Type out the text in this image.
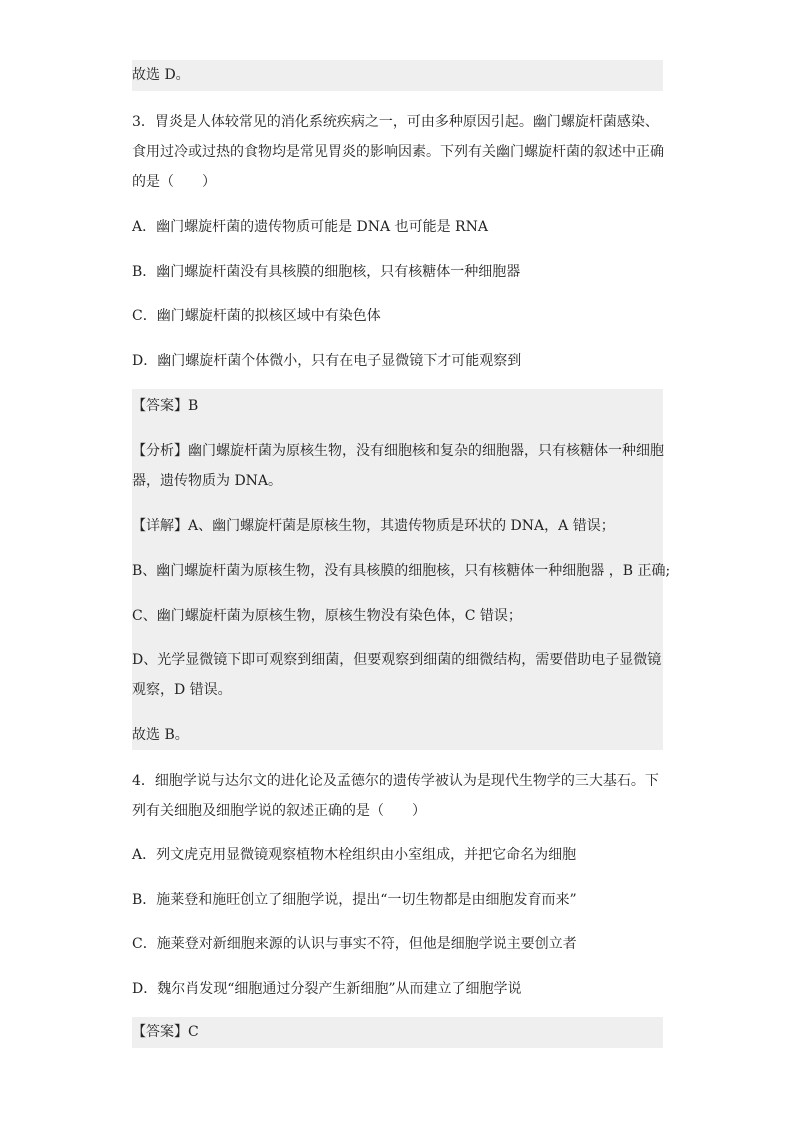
故选 D。
3．胃炎是人体较常见的消化系统疾病之一，可由多种原因引起。幽门螺旋杆菌感染、
食用过冷或过热的食物均是常见胃炎的影响因素。下列有关幽门螺旋杆菌的叙述中正确
的是（　　）
A．幽门螺旋杆菌的遗传物质可能是 DNA 也可能是 RNA
B．幽门螺旋杆菌没有具核膜的细胞核，只有核糖体一种细胞器
C．幽门螺旋杆菌的拟核区域中有染色体
D．幽门螺旋杆菌个体微小，只有在电子显微镜下才可能观察到
【答案】B
【分析】幽门螺旋杆菌为原核生物，没有细胞核和复杂的细胞器，只有核糖体一种细胞
器，遗传物质为 DNA。
【详解】A、幽门螺旋杆菌是原核生物，其遗传物质是环状的 DNA，A 错误；
B、幽门螺旋杆菌为原核生物，没有具核膜的细胞核，只有核糖体一种细胞器 ，B 正确;
C、幽门螺旋杆菌为原核生物，原核生物没有染色体，C 错误；
D、光学显微镜下即可观察到细菌，但要观察到细菌的细微结构，需要借助电子显微镜
观察，D 错误。
故选 B。
4．细胞学说与达尔文的进化论及孟德尔的遗传学被认为是现代生物学的三大基石。下
列有关细胞及细胞学说的叙述正确的是（　　）
A．列文虎克用显微镜观察植物木栓组织由小室组成，并把它命名为细胞
B．施莱登和施旺创立了细胞学说，提出“一切生物都是由细胞发育而来”
C．施莱登对新细胞来源的认识与事实不符，但他是细胞学说主要创立者
D．魏尔肖发现“细胞通过分裂产生新细胞”从而建立了细胞学说
【答案】C
